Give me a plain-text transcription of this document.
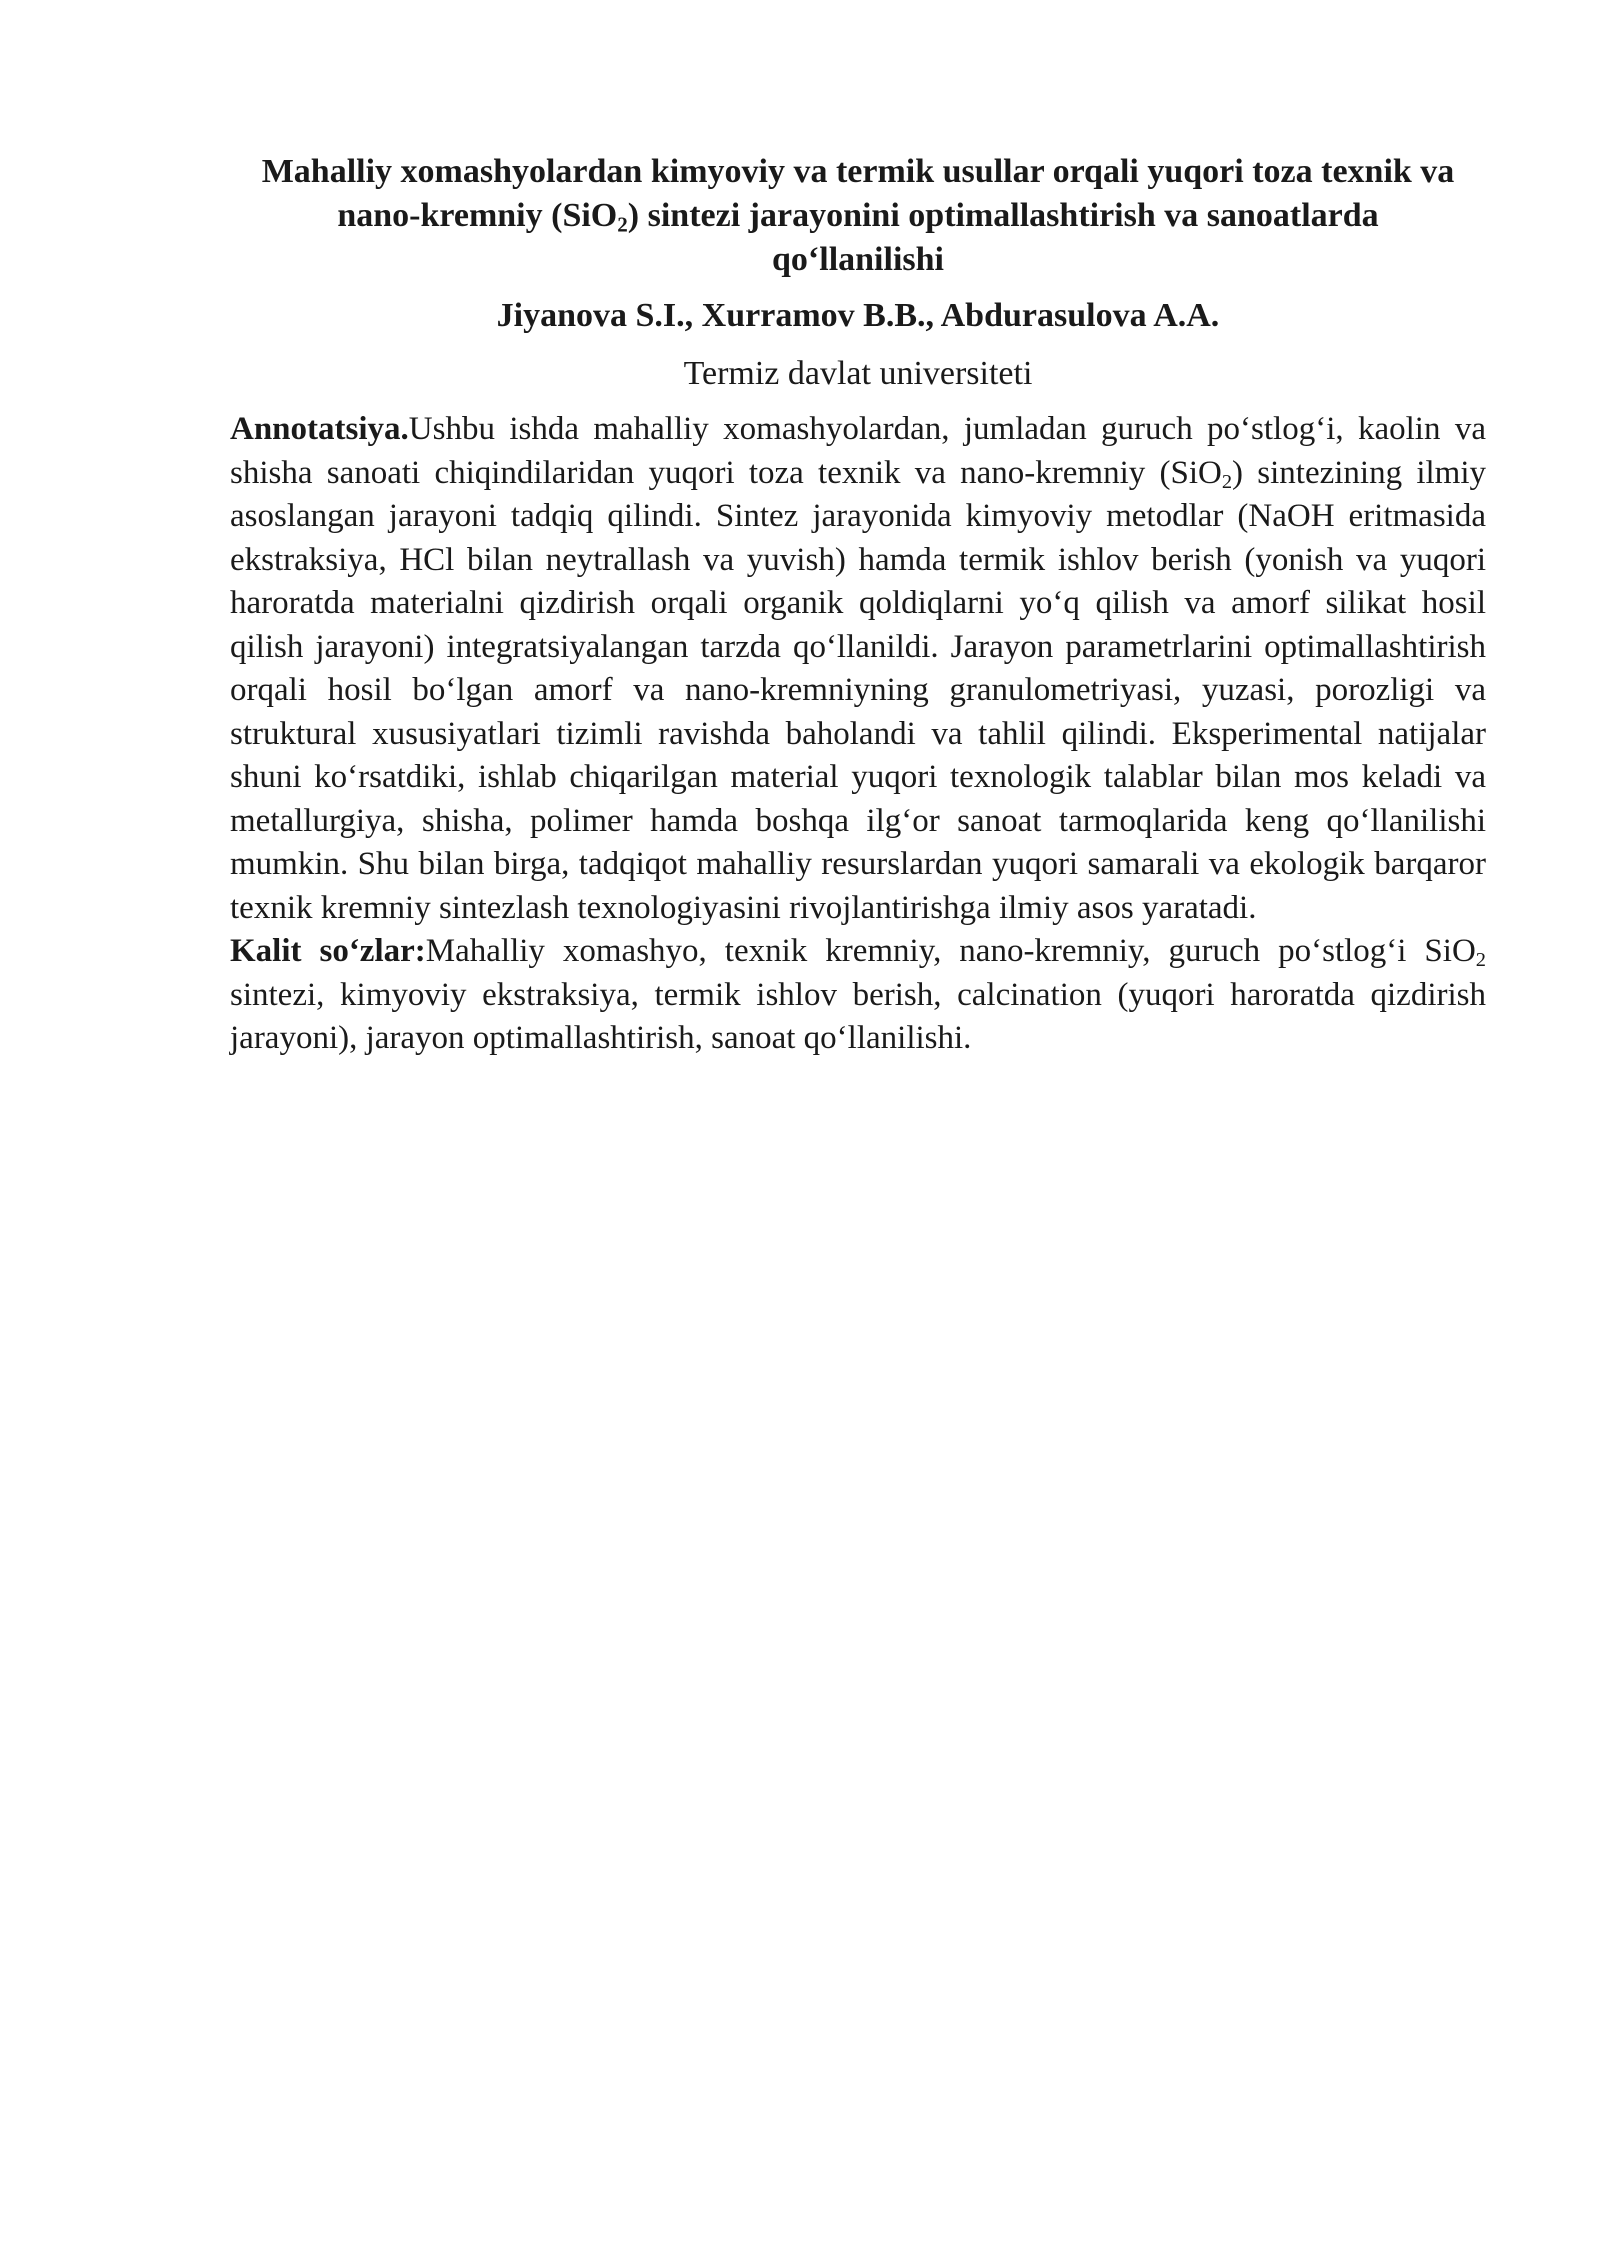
Mahalliy xomashyolardan kimyoviy va termik usullar orqali yuqori toza texnik va nano-kremniy (SiO$_2$) sintezi jarayonini optimallashtirish va sanoatlarda qo‘llanilishi

Jiyanova S.I., Xurramov B.B., Abdurasulova A.A.

Termiz davlat universiteti

Annotatsiya.Ushbu ishda mahalliy xomashyolardan, jumladan guruch po‘stlog‘i, kaolin va shisha sanoati chiqindilaridan yuqori toza texnik va nano-kremniy (SiO$_2$) sintezining ilmiy asoslangan jarayoni tadqiq qilindi. Sintez jarayonida kimyoviy metodlar (NaOH eritmasida ekstraksiya, HCl bilan neytrallash va yuvish) hamda termik ishlov berish (yonish va yuqori haroratda materialni qizdirish orqali organik qoldiqlarni yo‘q qilish va amorf silikat hosil qilish jarayoni) integratsiyalangan tarzda qo‘llanildi. Jarayon parametrlarini optimallashtirish orqali hosil bo‘lgan amorf va nano-kremniyning granulometriyasi, yuzasi, porozligi va struktural xususiyatlari tizimli ravishda baholandi va tahlil qilindi. Eksperimental natijalar shuni ko‘rsatdiki, ishlab chiqarilgan material yuqori texnologik talablar bilan mos keladi va metallurgiya, shisha, polimer hamda boshqa ilg‘or sanoat tarmoqlarida keng qo‘llanilishi mumkin. Shu bilan birga, tadqiqot mahalliy resurslardan yuqori samarali va ekologik barqaror texnik kremniy sintezlash texnologiyasini rivojlantirishga ilmiy asos yaratadi.

Kalit so‘zlar:Mahalliy xomashyo, texnik kremniy, nano-kremniy, guruch po‘stlog‘i SiO$_2$ sintezi, kimyoviy ekstraksiya, termik ishlov berish, calcination (yuqori haroratda qizdirish jarayoni), jarayon optimallashtirish, sanoat qo‘llanilishi.
